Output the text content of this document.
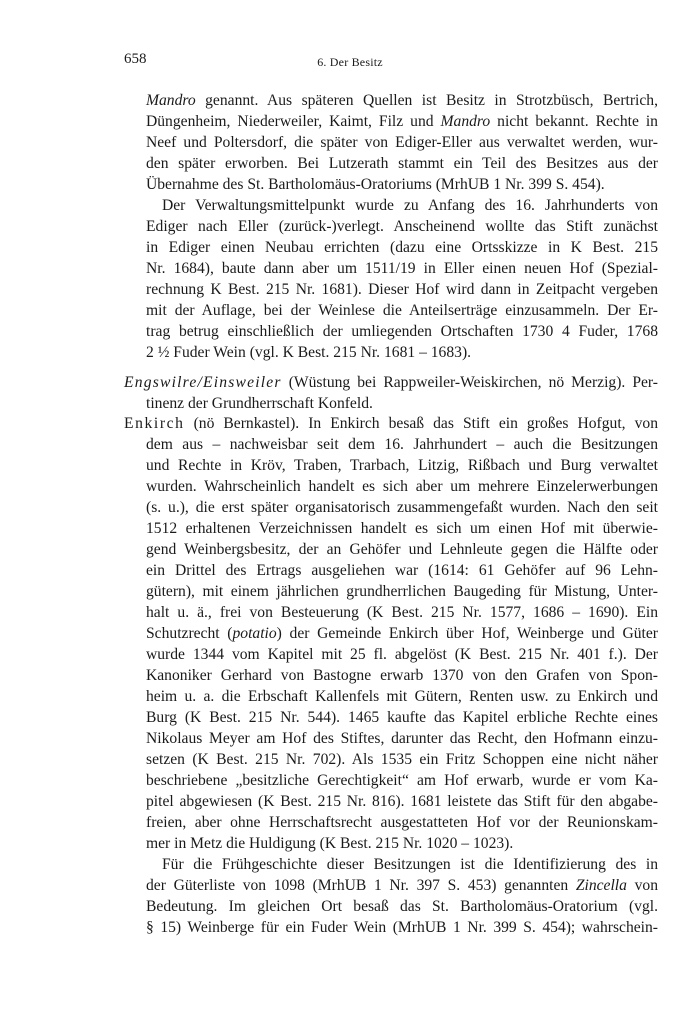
658	6. Der Besitz
Mandro genannt. Aus späteren Quellen ist Besitz in Strotzbüsch, Bertrich,
Düngenheim, Niederweiler, Kaimt, Filz und Mandro nicht bekannt. Rechte in
Neef und Poltersdorf, die später von Ediger-Eller aus verwaltet werden, wur-
den später erworben. Bei Lutzerath stammt ein Teil des Besitzes aus der
Übernahme des St. Bartholomäus-Oratoriums (MrhUB 1 Nr. 399 S. 454).
Der Verwaltungsmittelpunkt wurde zu Anfang des 16. Jahrhunderts von
Ediger nach Eller (zurück-)verlegt. Anscheinend wollte das Stift zunächst
in Ediger einen Neubau errichten (dazu eine Ortsskizze in K Best. 215
Nr. 1684), baute dann aber um 1511/19 in Eller einen neuen Hof (Spezial-
rechnung K Best. 215 Nr. 1681). Dieser Hof wird dann in Zeitpacht vergeben
mit der Auflage, bei der Weinlese die Anteilserträge einzusammeln. Der Er-
trag betrug einschließlich der umliegenden Ortschaften 1730 4 Fuder, 1768
2 ½ Fuder Wein (vgl. K Best. 215 Nr. 1681 – 1683).
Engswilre/Einsweiler (Wüstung bei Rappweiler-Weiskirchen, nö Merzig). Per-
tinenz der Grundherrschaft Konfeld.
Enkirch (nö Bernkastel). In Enkirch besaß das Stift ein großes Hofgut, von
dem aus – nachweisbar seit dem 16. Jahrhundert – auch die Besitzungen
und Rechte in Kröv, Traben, Trarbach, Litzig, Rißbach und Burg verwaltet
wurden. Wahrscheinlich handelt es sich aber um mehrere Einzelerwerbungen
(s. u.), die erst später organisatorisch zusammengefaßt wurden. Nach den seit
1512 erhaltenen Verzeichnissen handelt es sich um einen Hof mit überwie-
gend Weinbergsbesitz, der an Gehöfer und Lehnleute gegen die Hälfte oder
ein Drittel des Ertrags ausgeliehen war (1614: 61 Gehöfer auf 96 Lehn-
gütern), mit einem jährlichen grundherrlichen Baugeding für Mistung, Unter-
halt u. ä., frei von Besteuerung (K Best. 215 Nr. 1577, 1686 – 1690). Ein
Schutzrecht (potatio) der Gemeinde Enkirch über Hof, Weinberge und Güter
wurde 1344 vom Kapitel mit 25 fl. abgelöst (K Best. 215 Nr. 401 f.). Der
Kanoniker Gerhard von Bastogne erwarb 1370 von den Grafen von Spon-
heim u. a. die Erbschaft Kallenfels mit Gütern, Renten usw. zu Enkirch und
Burg (K Best. 215 Nr. 544). 1465 kaufte das Kapitel erbliche Rechte eines
Nikolaus Meyer am Hof des Stiftes, darunter das Recht, den Hofmann einzu-
setzen (K Best. 215 Nr. 702). Als 1535 ein Fritz Schoppen eine nicht näher
beschriebene „besitzliche Gerechtigkeit“ am Hof erwarb, wurde er vom Ka-
pitel abgewiesen (K Best. 215 Nr. 816). 1681 leistete das Stift für den abgabe-
freien, aber ohne Herrschaftsrecht ausgestatteten Hof vor der Reunionskam-
mer in Metz die Huldigung (K Best. 215 Nr. 1020 – 1023).
Für die Frühgeschichte dieser Besitzungen ist die Identifizierung des in
der Güterliste von 1098 (MrhUB 1 Nr. 397 S. 453) genannten Zincella von
Bedeutung. Im gleichen Ort besaß das St. Bartholomäus-Oratorium (vgl.
§ 15) Weinberge für ein Fuder Wein (MrhUB 1 Nr. 399 S. 454); wahrschein-
